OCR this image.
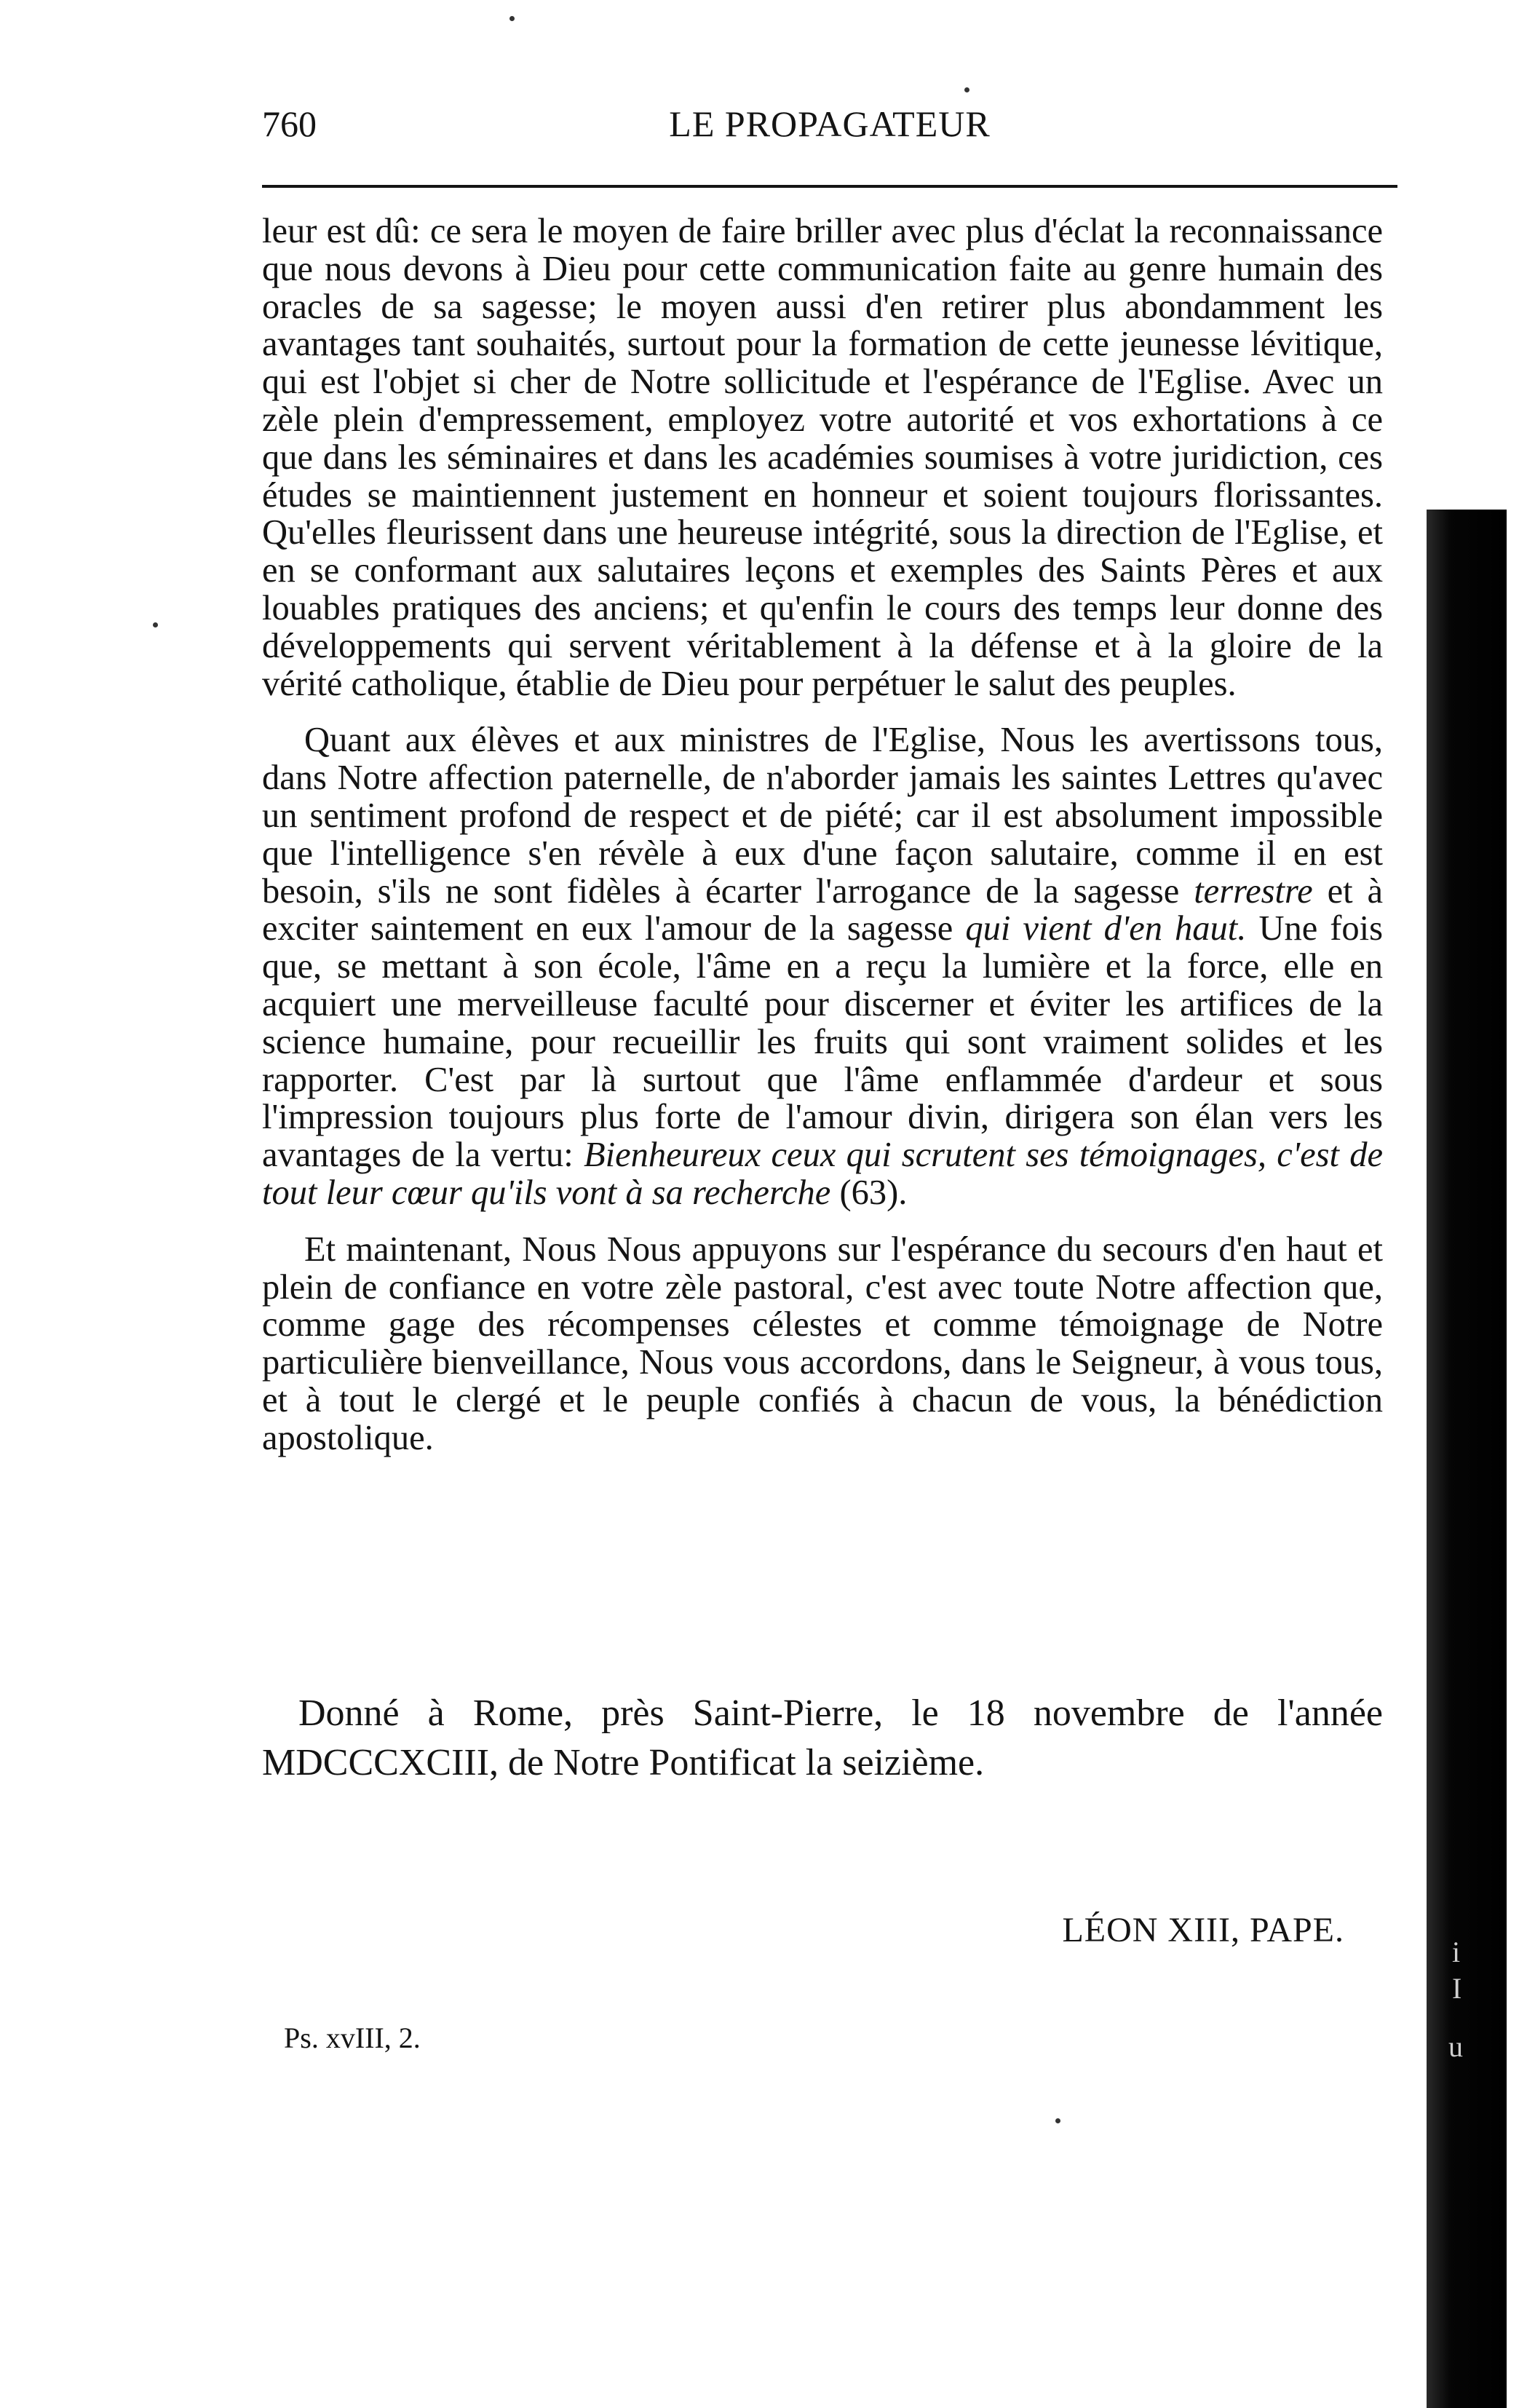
760	LE PROPAGATEUR

leur est dû: ce sera le moyen de faire briller avec plus d'éclat la reconnaissance que nous devons à Dieu pour cette communication faite au genre humain des oracles de sa sagesse; le moyen aussi d'en retirer plus abondamment les avantages tant souhaités, surtout pour la formation de cette jeunesse lévitique, qui est l'objet si cher de Notre sollicitude et l'espérance de l'Eglise. Avec un zèle plein d'empressement, employez votre autorité et vos exhortations à ce que dans les séminaires et dans les académies soumises à votre juridiction, ces études se maintiennent justement en honneur et soient toujours florissantes. Qu'elles fleurissent dans une heureuse intégrité, sous la direction de l'Eglise, et en se conformant aux salutaires leçons et exemples des Saints Pères et aux louables pratiques des anciens; et qu'enfin le cours des temps leur donne des développements qui servent véritablement à la défense et à la gloire de la vérité catholique, établie de Dieu pour perpétuer le salut des peuples.

Quant aux élèves et aux ministres de l'Eglise, Nous les avertissons tous, dans Notre affection paternelle, de n'aborder jamais les saintes Lettres qu'avec un sentiment profond de respect et de piété; car il est absolument impossible que l'intelligence s'en révèle à eux d'une façon salutaire, comme il en est besoin, s'ils ne sont fidèles à écarter l'arrogance de la sagesse terrestre et à exciter saintement en eux l'amour de la sagesse qui vient d'en haut. Une fois que, se mettant à son école, l'âme en a reçu la lumière et la force, elle en acquiert une merveilleuse faculté pour discerner et éviter les artifices de la science humaine, pour recueillir les fruits qui sont vraiment solides et les rapporter. C'est par là surtout que l'âme enflammée d'ardeur et sous l'impression toujours plus forte de l'amour divin, dirigera son élan vers les avantages de la vertu: Bienheureux ceux qui scrutent ses témoignages, c'est de tout leur cœur qu'ils vont à sa recherche (63).

Et maintenant, Nous Nous appuyons sur l'espérance du secours d'en haut et plein de confiance en votre zèle pastoral, c'est avec toute Notre affection que, comme gage des récompenses célestes et comme témoignage de Notre particulière bienveillance, Nous vous accordons, dans le Seigneur, à vous tous, et à tout le clergé et le peuple confiés à chacun de vous, la bénédiction apostolique.

Donné à Rome, près Saint-Pierre, le 18 novembre de l'année MDCCCXCIII, de Notre Pontificat la seizième.
LÉON XIII, PAPE.
Ps. xvIII, 2.
i
I
u
